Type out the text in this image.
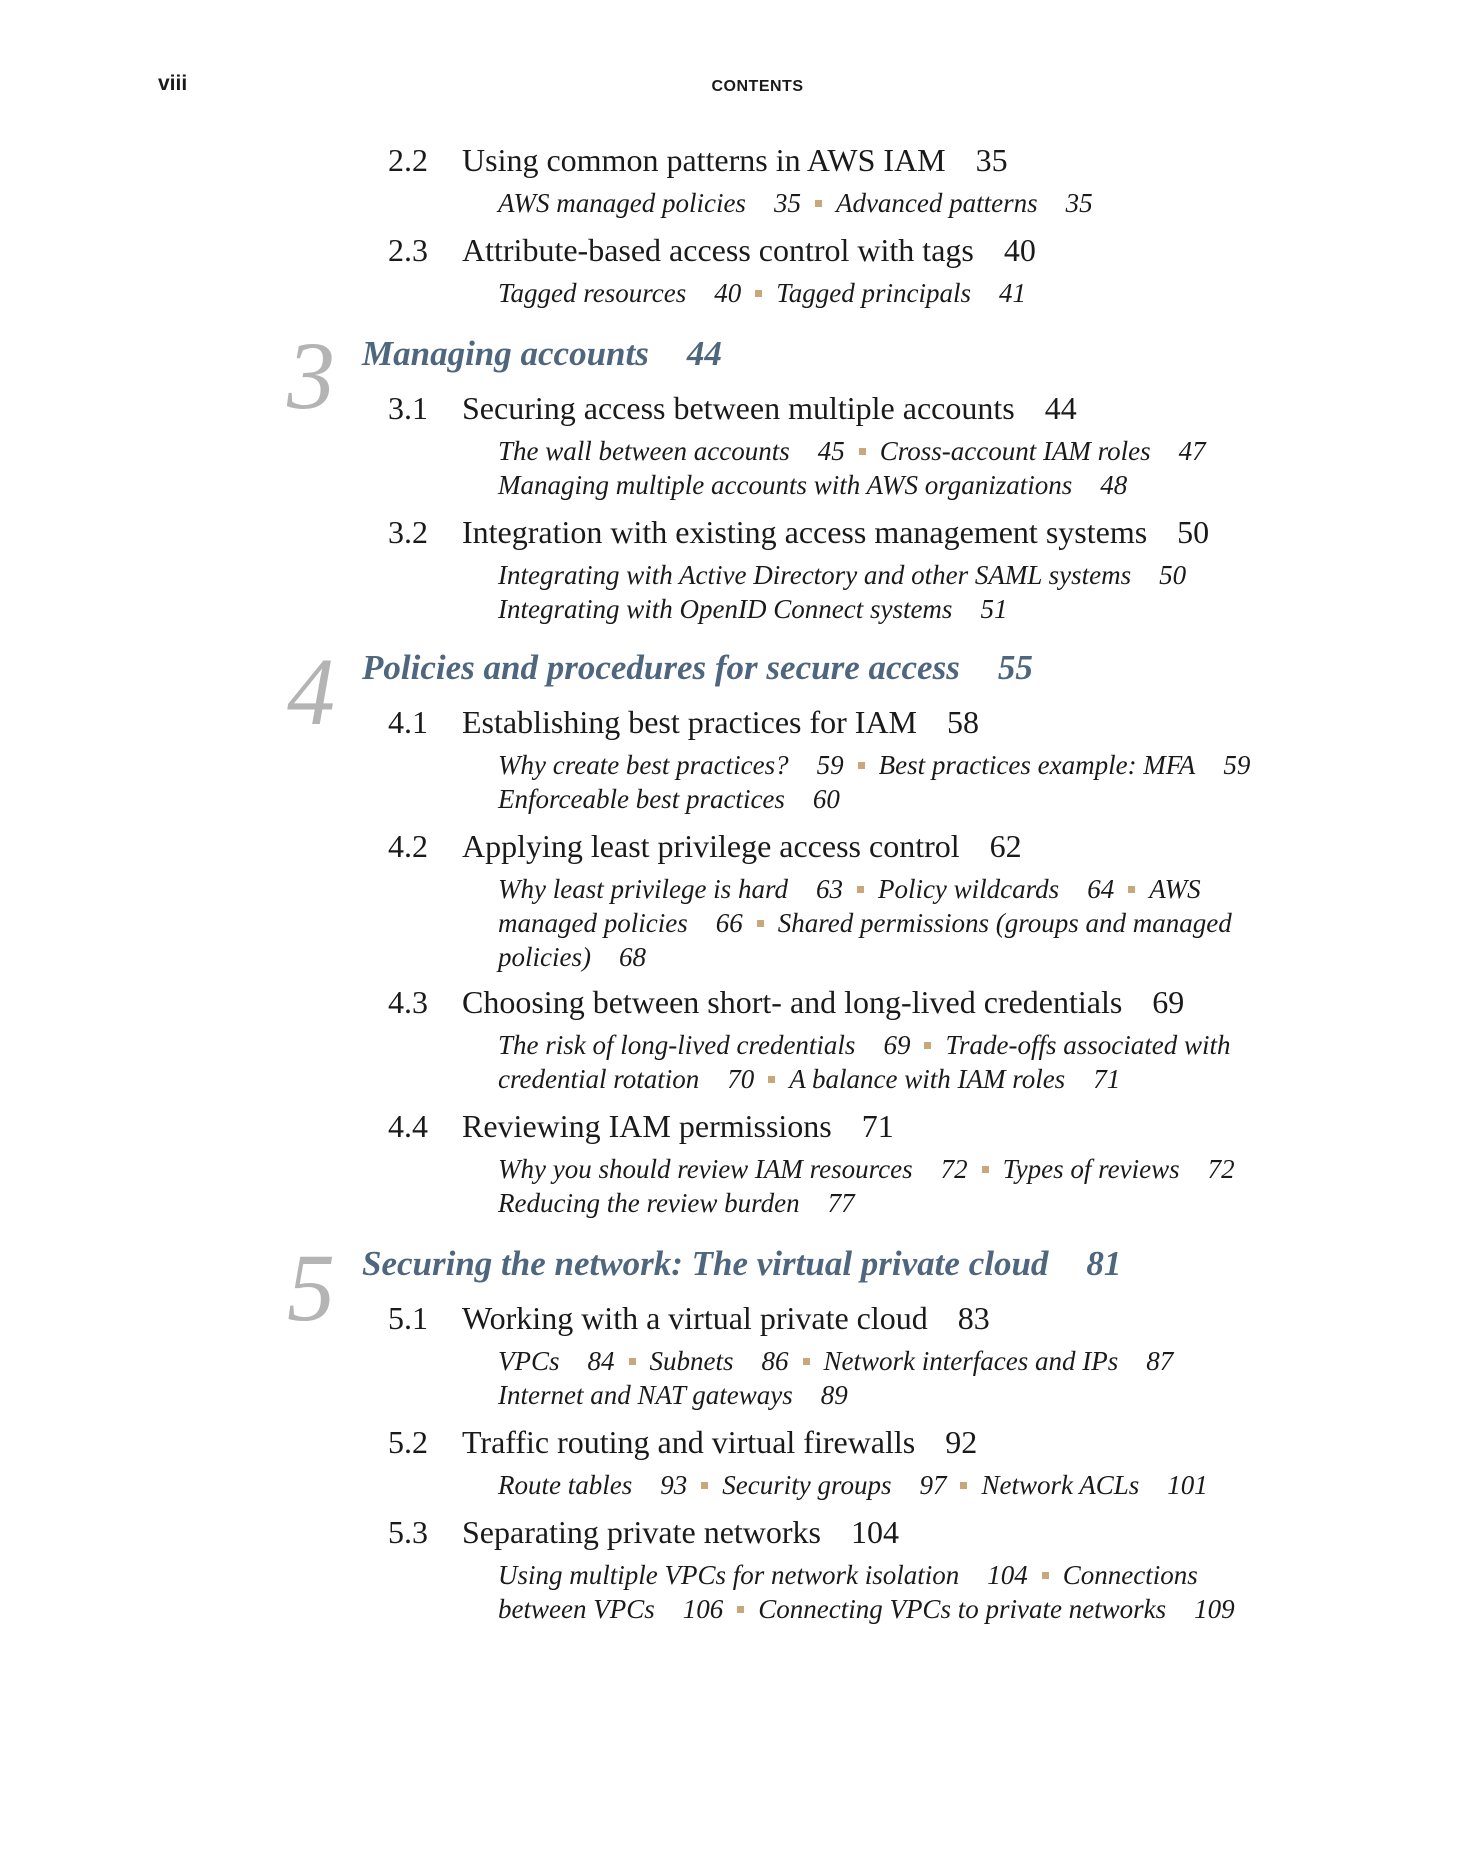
viii	CONTENTS
2.2 Using common patterns in AWS IAM 35
AWS managed policies 35 Advanced patterns 35
2.3 Attribute-based access control with tags 40
Tagged resources 40 Tagged principals 41
3 Managing accounts 44
3.1 Securing access between multiple accounts 44
The wall between accounts 45 Cross-account IAM roles 47
Managing multiple accounts with AWS organizations 48
3.2 Integration with existing access management systems 50
Integrating with Active Directory and other SAML systems 50
Integrating with OpenID Connect systems 51
4 Policies and procedures for secure access 55
4.1 Establishing best practices for IAM 58
Why create best practices? 59 Best practices example: MFA 59
Enforceable best practices 60
4.2 Applying least privilege access control 62
Why least privilege is hard 63 Policy wildcards 64 AWS
managed policies 66 Shared permissions (groups and managed
policies) 68
4.3 Choosing between short- and long-lived credentials 69
The risk of long-lived credentials 69 Trade-offs associated with
credential rotation 70 A balance with IAM roles 71
4.4 Reviewing IAM permissions 71
Why you should review IAM resources 72 Types of reviews 72
Reducing the review burden 77
5 Securing the network: The virtual private cloud 81
5.1 Working with a virtual private cloud 83
VPCs 84 Subnets 86 Network interfaces and IPs 87
Internet and NAT gateways 89
5.2 Traffic routing and virtual firewalls 92
Route tables 93 Security groups 97 Network ACLs 101
5.3 Separating private networks 104
Using multiple VPCs for network isolation 104 Connections
between VPCs 106 Connecting VPCs to private networks 109
